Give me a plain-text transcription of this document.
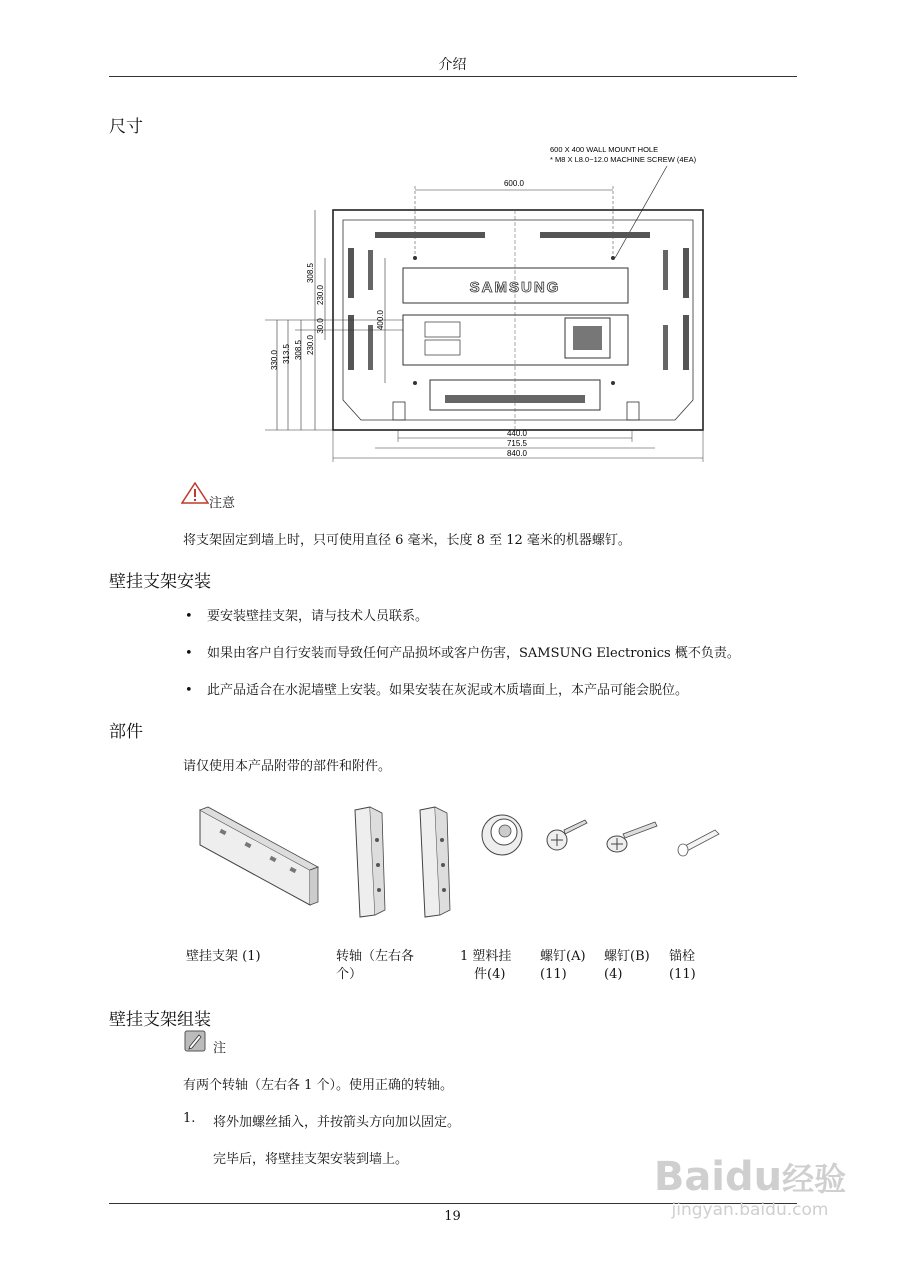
介绍
尺寸
600 X 400 WALL MOUNT HOLE
* M8 X L8.0~12.0 MACHINE SCREW (4EA)
600.0
SAMSUNG
308.5
230.0
400.0
30.0
330.0 313.5 308.5 230.0
440.0
715.5
840.0
注意
将支架固定到墙上时，只可使用直径 6 毫米，长度 8 至 12 毫米的机器螺钉。
壁挂支架安装
• 要安装壁挂支架，请与技术人员联系。
• 如果由客户自行安装而导致任何产品损坏或客户伤害，SAMSUNG Electronics 概不负责。
• 此产品适合在水泥墙壁上安装。如果安装在灰泥或木质墙面上，本产品可能会脱位。
部件
请仅使用本产品附带的部件和附件。
壁挂支架 (1)	转轴（左右各
个）
1 塑料挂
件(4)
螺钉(A)
(11)
螺钉(B)
(4)
锚栓
(11)
壁挂支架组装
注
有两个转轴（左右各 1 个）。使用正确的转轴。
1. 将外加螺丝插入，并按箭头方向加以固定。
完毕后，将壁挂支架安装到墙上。
19
Baidu经验
jingyan.baidu.com
